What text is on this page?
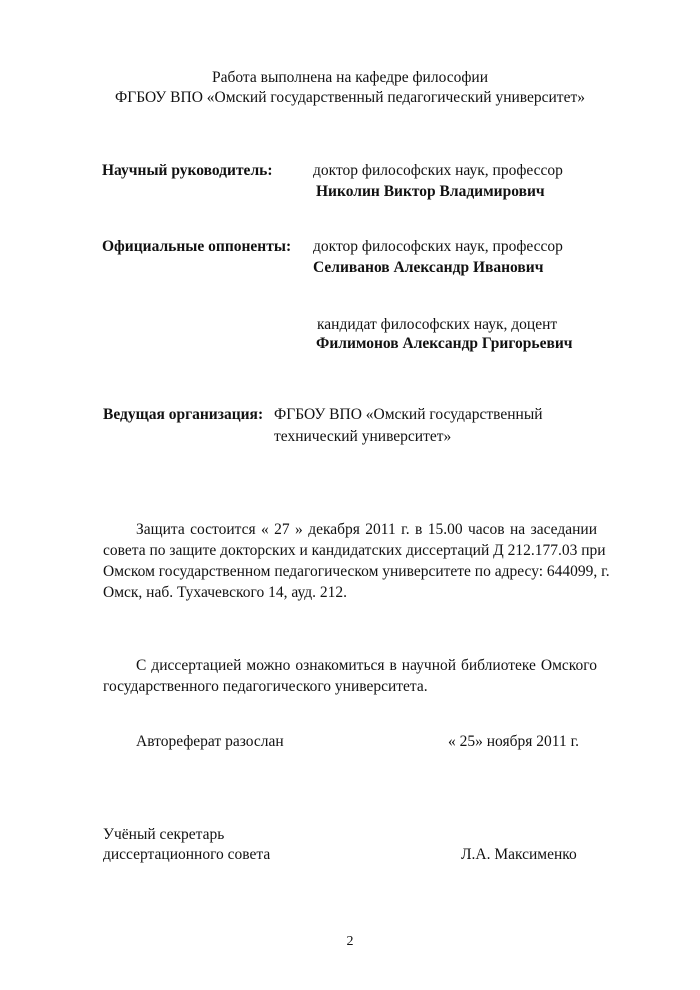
Работа выполнена на кафедре философии
ФГБОУ ВПО «Омский государственный педагогический университет»
Научный руководитель:	доктор философских наук, профессор
Николин Виктор Владимирович
Официальные оппоненты: доктор философских наук, профессор
Селиванов Александр Иванович
кандидат философских наук, доцент
Филимонов Александр Григорьевич
Ведущая организация: ФГБОУ ВПО «Омский государственный
технический университет»
Защита состоится « 27 » декабря 2011 г. в 15.00 часов на заседании
совета по защите докторских и кандидатских диссертаций Д 212.177.03 при
Омском государственном педагогическом университете по адресу: 644099, г.
Омск, наб. Тухачевского 14, ауд. 212.
С диссертацией можно ознакомиться в научной библиотеке Омского
государственного педагогического университета.
Автореферат разослан	« 25» ноября 2011 г.
Учёный секретарь
диссертационного совета	Л.А. Максименко
2
